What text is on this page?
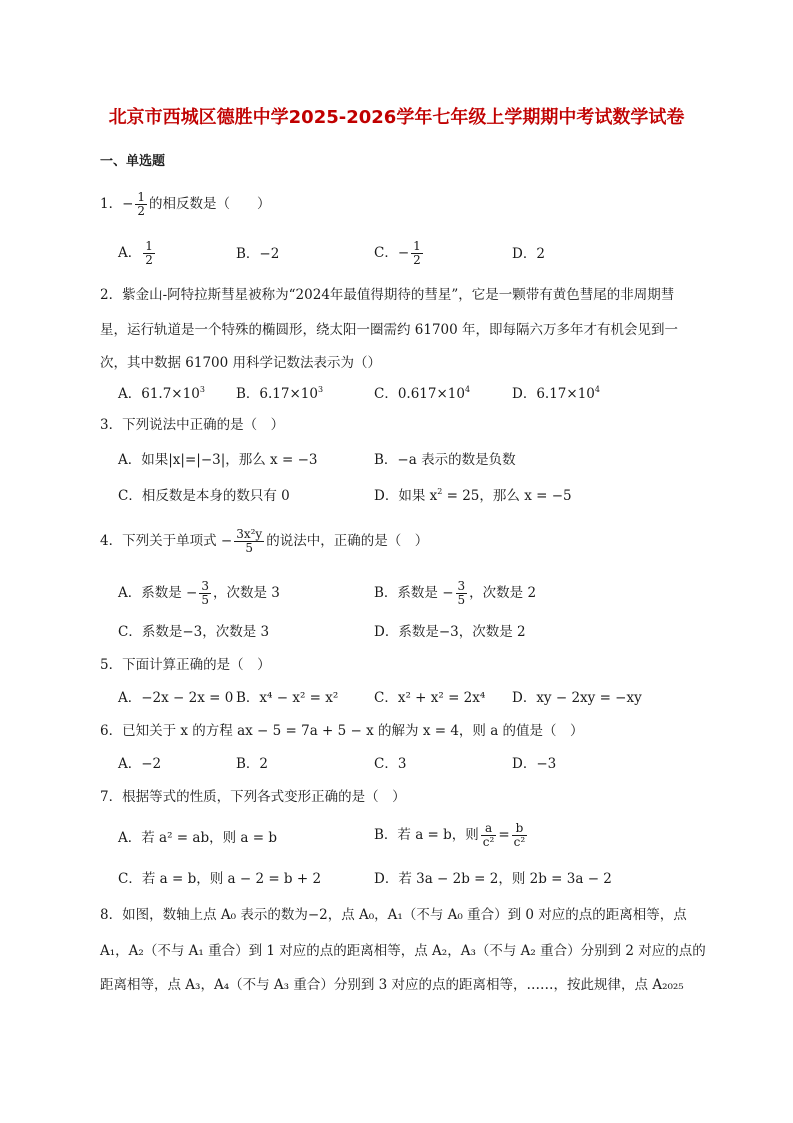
北京市西城区德胜中学2025-2026学年七年级上学期期中考试数学试卷
一、单选题
1．− $\frac{1}{2}$ 的相反数是（　　）
A． $\frac{1}{2}$	B．−2	C．− $\frac{1}{2}$	D．2
2．紫金山-阿特拉斯彗星被称为“2024年最值得期待的彗星”，它是一颗带有黄色彗尾的非周期彗
星，运行轨道是一个特殊的椭圆形，绕太阳一圈需约 61700 年，即每隔六万多年才有机会见到一
次，其中数据 61700 用科学记数法表示为（）
A．$61.7\times 10^3$ B．$6.17\times 10^3$	C．$0.617\times 10^4$	D．$6.17\times 10^4$
3．下列说法中正确的是（　）
A．如果|x|=|−3|，那么 x = −3	B．−a 表示的数是负数
C．相反数是本身的数只有 0	D．如果 $x^2 = 25$，那么 x = −5
4．下列关于单项式 − $\frac{\text{3x²y}}{5}$ 的说法中，正确的是（　）
A．系数是 − $\frac{3}{5}$ ，次数是 3	B．系数是 − $\frac{3}{5}$ ，次数是 2
C．系数是−3，次数是 3	D．系数是−3，次数是 2
5．下面计算正确的是（　）
A．−2x − 2x = 0 B．x⁴ − x² = x²	C．x² + x² = 2x⁴ D．xy − 2xy = −xy
6．已知关于 x 的方程 ax − 5 = 7a + 5 − x 的解为 x = 4，则 a 的值是（　）
A．−2	B．2	C．3	D．−3
7．根据等式的性质，下列各式变形正确的是（　）
A．若 a² = ab，则 a = b	B．若 a = b，则 $\frac{a}{\text{c²}} = \frac{b}{\text{c²}}$
C．若 a = b，则 a − 2 = b + 2	D．若 3a − 2b = 2，则 2b = 3a − 2
8．如图，数轴上点 A₀ 表示的数为−2，点 A₀，A₁（不与 A₀ 重合）到 0 对应的点的距离相等，点
A₁，A₂（不与 A₁ 重合）到 1 对应的点的距离相等，点 A₂，A₃（不与 A₂ 重合）分别到 2 对应的点的
距离相等，点 A₃，A₄（不与 A₃ 重合）分别到 3 对应的点的距离相等，……，按此规律，点 A₂₀₂₅
